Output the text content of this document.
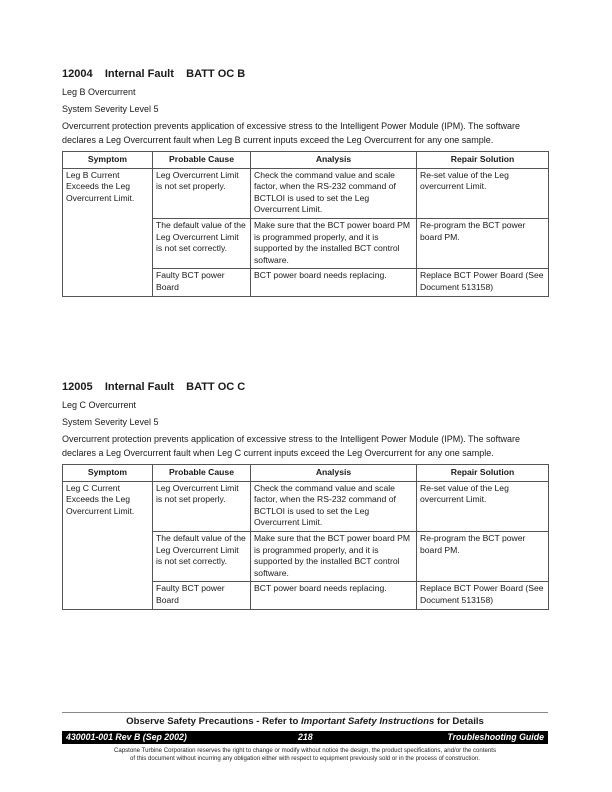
12004 Internal Fault BATT OC B

Leg B Overcurrent

System Severity Level 5

Overcurrent protection prevents application of excessive stress to the Intelligent Power Module (IPM). The software declares a Leg Overcurrent fault when Leg B current inputs exceed the Leg Overcurrent for any one sample.

Symptom	Probable Cause	Analysis	Repair Solution
Leg B Current Exceeds the Leg Overcurrent Limit.	Leg Overcurrent Limit is not set properly.	Check the command value and scale factor, when the RS-232 command of BCTLOI is used to set the Leg Overcurrent Limit.	Re-set value of the Leg overcurrent Limit.
	The default value of the Leg Overcurrent Limit is not set correctly.	Make sure that the BCT power board PM is programmed properly, and it is supported by the installed BCT control software.	Re-program the BCT power board PM.
	Faulty BCT power Board	BCT power board needs replacing.	Replace BCT Power Board (See Document 513158)
12005 Internal Fault BATT OC C

Leg C Overcurrent

System Severity Level 5

Overcurrent protection prevents application of excessive stress to the Intelligent Power Module (IPM). The software declares a Leg Overcurrent fault when Leg C current inputs exceed the Leg Overcurrent for any one sample.

Symptom	Probable Cause	Analysis	Repair Solution
Leg C Current Exceeds the Leg Overcurrent Limit.	Leg Overcurrent Limit is not set properly.	Check the command value and scale factor, when the RS-232 command of BCTLOI is used to set the Leg Overcurrent Limit.	Re-set value of the Leg overcurrent Limit.
	The default value of the Leg Overcurrent Limit is not set correctly.	Make sure that the BCT power board PM is programmed properly, and it is supported by the installed BCT control software.	Re-program the BCT power board PM.
	Faulty BCT power Board	BCT power board needs replacing.	Replace BCT Power Board (See Document 513158)
Observe Safety Precautions - Refer to Important Safety Instructions for Details
430001-001 Rev B (Sep 2002)	218	Troubleshooting Guide
Capstone Turbine Corporation reserves the right to change or modify without notice the design, the product specifications, and/or the contents
of this document without incurring any obligation either with respect to equipment previously sold or in the process of construction.
